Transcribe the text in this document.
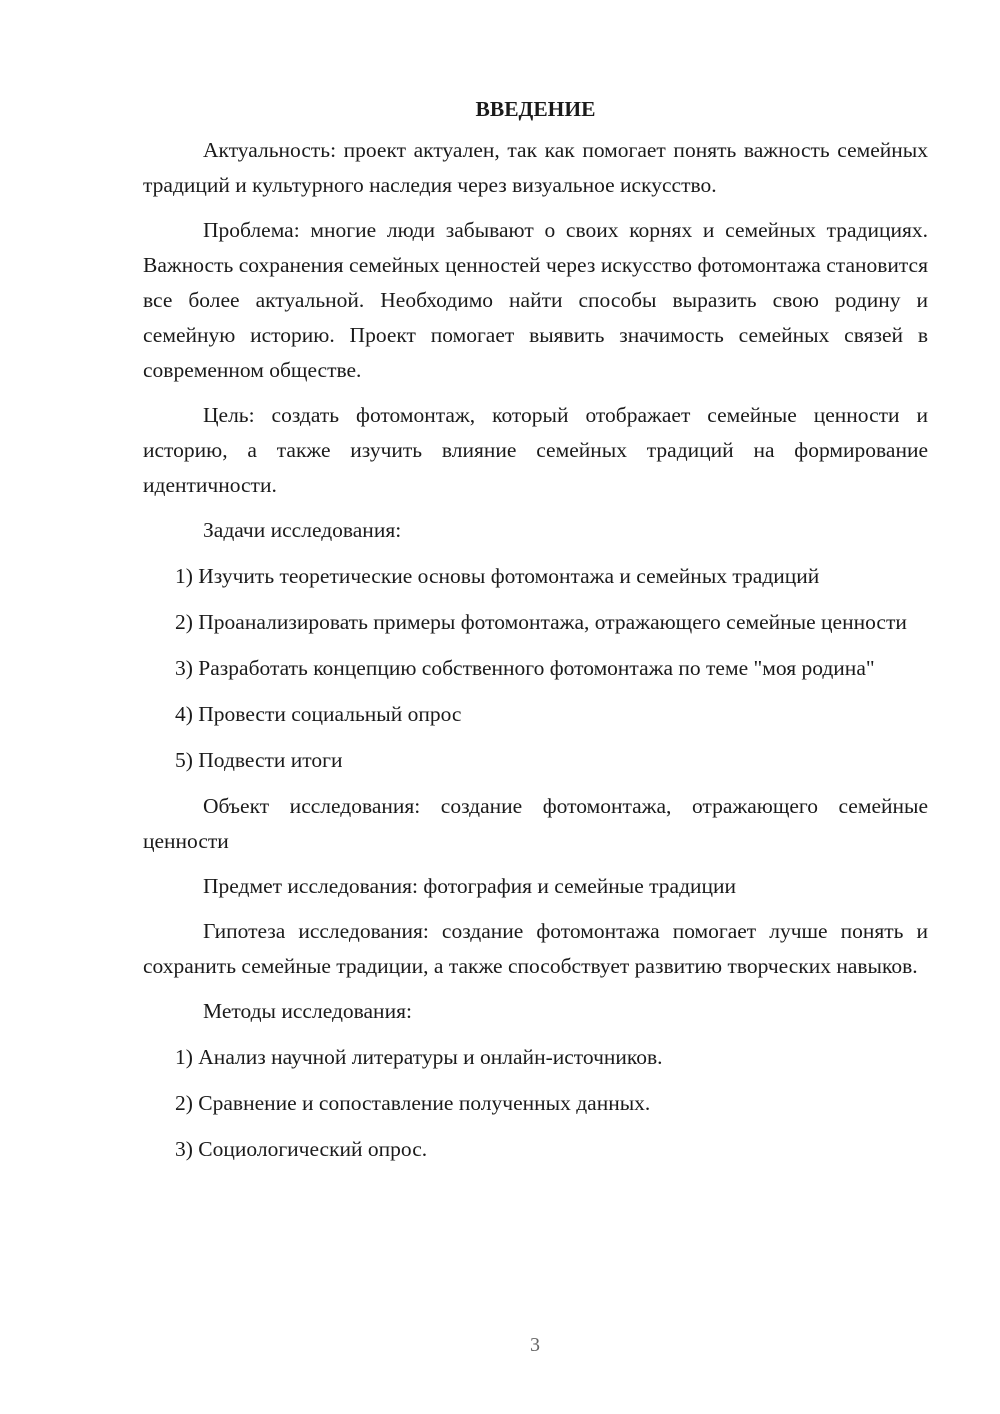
ВВЕДЕНИЕ

Актуальность: проект актуален, так как помогает понять важность семейных традиций и культурного наследия через визуальное искусство.

Проблема: многие люди забывают о своих корнях и семейных традициях. Важность сохранения семейных ценностей через искусство фотомонтажа становится все более актуальной. Необходимо найти способы выразить свою родину и семейную историю. Проект помогает выявить значимость семейных связей в современном обществе.

Цель: создать фотомонтаж, который отображает семейные ценности и историю, а также изучить влияние семейных традиций на формирование идентичности.

Задачи исследования:

1) Изучить теоретические основы фотомонтажа и семейных традиций

2) Проанализировать примеры фотомонтажа, отражающего семейные ценности

3) Разработать концепцию собственного фотомонтажа по теме "моя родина"

4) Провести социальный опрос

5) Подвести итоги

Объект исследования: создание фотомонтажа, отражающего семейные ценности

Предмет исследования: фотография и семейные традиции

Гипотеза исследования: создание фотомонтажа помогает лучше понять и сохранить семейные традиции, а также способствует развитию творческих навыков.

Методы исследования:

1) Анализ научной литературы и онлайн-источников.

2) Сравнение и сопоставление полученных данных.

3) Социологический опрос.

3
